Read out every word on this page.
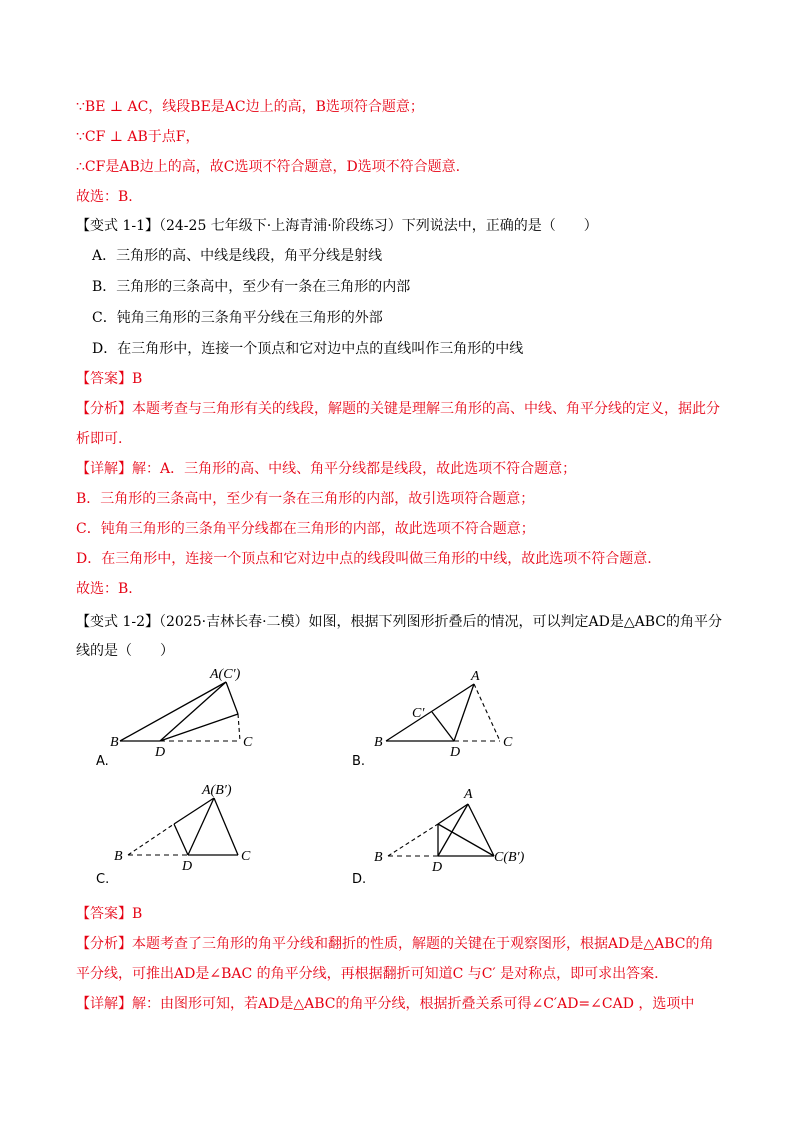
∵BE ⊥ AC，线段BE是AC边上的高，B选项符合题意；
∵CF ⊥ AB于点F，
∴CF是AB边上的高，故C选项不符合题意，D选项不符合题意.
故选：B.
【变式 1-1】（24-25 七年级下·上海青浦·阶段练习）下列说法中，正确的是（　　）
A．三角形的高、中线是线段，角平分线是射线
B．三角形的三条高中，至少有一条在三角形的内部
C．钝角三角形的三条角平分线在三角形的外部
D．在三角形中，连接一个顶点和它对边中点的直线叫作三角形的中线
【答案】B
【分析】本题考查与三角形有关的线段，解题的关键是理解三角形的高、中线、角平分线的定义，据此分
析即可.
【详解】解：A．三角形的高、中线、角平分线都是线段，故此选项不符合题意；
B．三角形的三条高中，至少有一条在三角形的内部，故引选项符合题意；
C．钝角三角形的三条角平分线都在三角形的内部，故此选项不符合题意；
D．在三角形中，连接一个顶点和它对边中点的线段叫做三角形的中线，故此选项不符合题意.
故选：B.
【变式 1-2】（2025·吉林长春·二模）如图，根据下列图形折叠后的情况，可以判定AD是△ABC的角平分
线的是（　　）
A(C′)
B	C
D
A.
A
B	C
C′
D
B.
A(B′)
B	C
D
C.
A
B	C(B′)
D
D.
【答案】B
【分析】本题考查了三角形的角平分线和翻折的性质，解题的关键在于观察图形，根据AD是△ABC的角
平分线，可推出AD是∠BAC 的角平分线，再根据翻折可知道C 与C′ 是对称点，即可求出答案.
【详解】解：由图形可知，若AD是△ABC的角平分线，根据折叠关系可得∠C′AD=∠CAD ，选项中
